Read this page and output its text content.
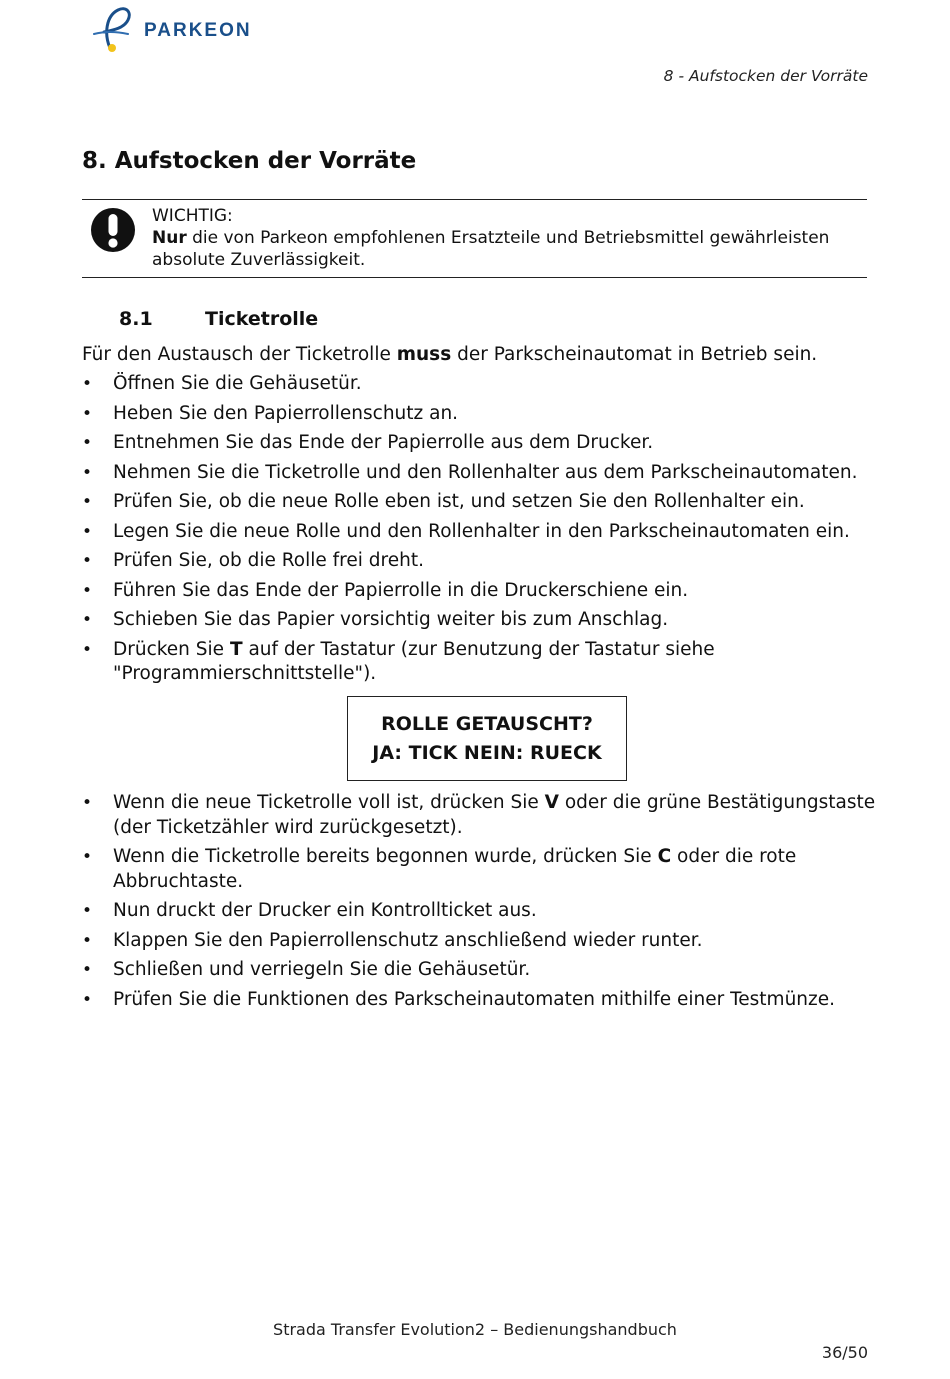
PARKEON
8 - Aufstocken der Vorräte
8. Aufstocken der Vorräte
WICHTIG:
Nur die von Parkeon empfohlenen Ersatzteile und Betriebsmittel gewährleisten absolute Zuverlässigkeit.
8.1	Ticketrolle

Für den Austausch der Ticketrolle muss der Parkscheinautomat in Betrieb sein.

• Öffnen Sie die Gehäusetür.
• Heben Sie den Papierrollenschutz an.
• Entnehmen Sie das Ende der Papierrolle aus dem Drucker.
• Nehmen Sie die Ticketrolle und den Rollenhalter aus dem Parkscheinautomaten.
• Prüfen Sie, ob die neue Rolle eben ist, und setzen Sie den Rollenhalter ein.
• Legen Sie die neue Rolle und den Rollenhalter in den Parkscheinautomaten ein.
• Prüfen Sie, ob die Rolle frei dreht.
• Führen Sie das Ende der Papierrolle in die Druckerschiene ein.
• Schieben Sie das Papier vorsichtig weiter bis zum Anschlag.
• Drücken Sie T auf der Tastatur (zur Benutzung der Tastatur siehe "Programmierschnittstelle").
ROLLE GETAUSCHT?
JA: TICK NEIN: RUECK
• Wenn die neue Ticketrolle voll ist, drücken Sie V oder die grüne Bestätigungstaste (der Ticketzähler wird zurückgesetzt).
• Wenn die Ticketrolle bereits begonnen wurde, drücken Sie C oder die rote Abbruchtaste.
• Nun druckt der Drucker ein Kontrollticket aus.
• Klappen Sie den Papierrollenschutz anschließend wieder runter.
• Schließen und verriegeln Sie die Gehäusetür.
• Prüfen Sie die Funktionen des Parkscheinautomaten mithilfe einer Testmünze.
Strada Transfer Evolution2 – Bedienungshandbuch
36/50
